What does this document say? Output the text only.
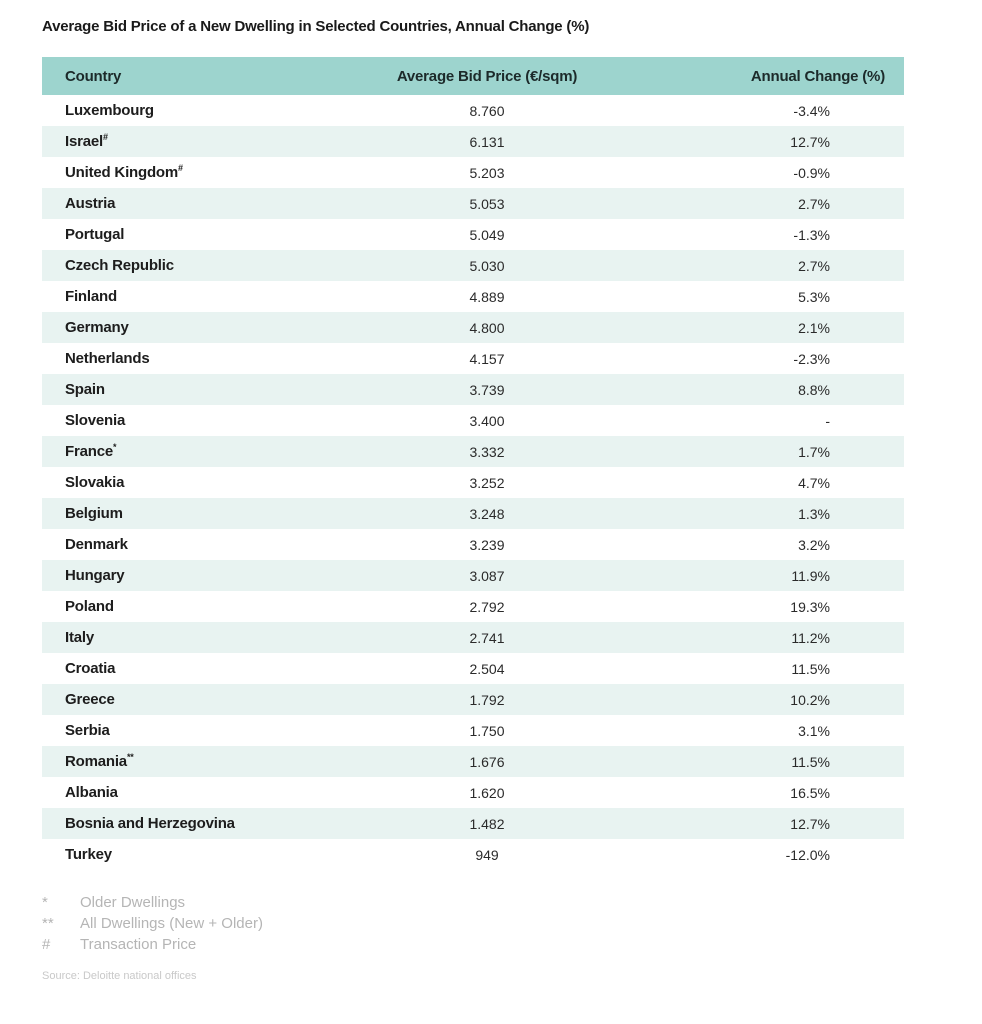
Average Bid Price of a New Dwelling in Selected Countries, Annual Change (%)
Country	Average Bid Price (€/sqm)	Annual Change (%)
Luxembourg	8.760	-3.4%
Israel#	6.131	12.7%
United Kingdom#	5.203	-0.9%
Austria	5.053	2.7%
Portugal	5.049	-1.3%
Czech Republic	5.030	2.7%
Finland	4.889	5.3%
Germany	4.800	2.1%
Netherlands	4.157	-2.3%
Spain	3.739	8.8%
Slovenia	3.400	-
France*	3.332	1.7%
Slovakia	3.252	4.7%
Belgium	3.248	1.3%
Denmark	3.239	3.2%
Hungary	3.087	11.9%
Poland	2.792	19.3%
Italy	2.741	11.2%
Croatia	2.504	11.5%
Greece	1.792	10.2%
Serbia	1.750	3.1%
Romania**	1.676	11.5%
Albania	1.620	16.5%
Bosnia and Herzegovina	1.482	12.7%
Turkey	949	-12.0%
*	Older Dwellings
**	All Dwellings (New + Older)
#	Transaction Price
Source: Deloitte national offices
